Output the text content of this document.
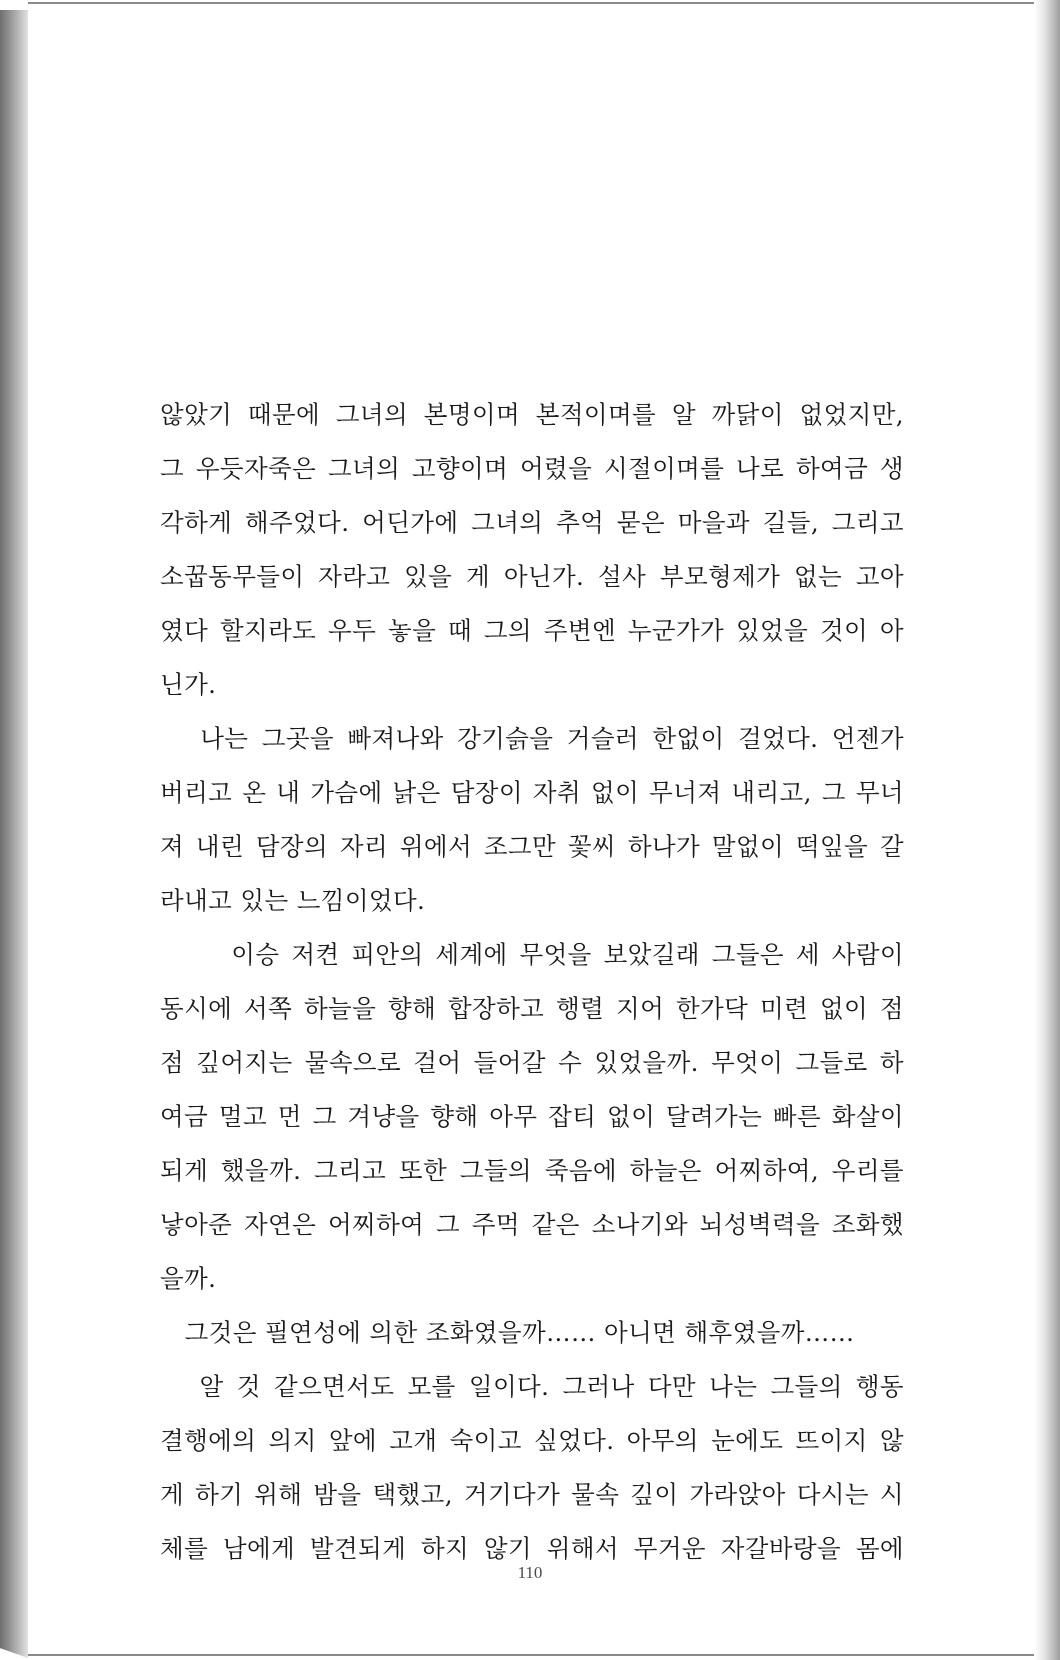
않았기 때문에 그녀의 본명이며 본적이며를 알 까닭이 없었지만,
그 우듯자죽은 그녀의 고향이며 어렸을 시절이며를 나로 하여금 생
각하게 해주었다. 어딘가에 그녀의 추억 묻은 마을과 길들, 그리고
소꿉동무들이 자라고 있을 게 아닌가. 설사 부모형제가 없는 고아
였다 할지라도 우두 놓을 때 그의 주변엔 누군가가 있었을 것이 아
닌가.
나는 그곳을 빠져나와 강기슭을 거슬러 한없이 걸었다. 언젠가
버리고 온 내 가슴에 낡은 담장이 자취 없이 무너져 내리고, 그 무너
져 내린 담장의 자리 위에서 조그만 꽃씨 하나가 말없이 떡잎을 갈
라내고 있는 느낌이었다.
이승 저켠 피안의 세계에 무엇을 보았길래 그들은 세 사람이
동시에 서쪽 하늘을 향해 합장하고 행렬 지어 한가닥 미련 없이 점
점 깊어지는 물속으로 걸어 들어갈 수 있었을까. 무엇이 그들로 하
여금 멀고 먼 그 겨냥을 향해 아무 잡티 없이 달려가는 빠른 화살이
되게 했을까. 그리고 또한 그들의 죽음에 하늘은 어찌하여, 우리를
낳아준 자연은 어찌하여 그 주먹 같은 소나기와 뇌성벽력을 조화했
을까.
그것은 필연성에 의한 조화였을까…… 아니면 해후였을까……
알 것 같으면서도 모를 일이다. 그러나 다만 나는 그들의 행동
결행에의 의지 앞에 고개 숙이고 싶었다. 아무의 눈에도 뜨이지 않
게 하기 위해 밤을 택했고, 거기다가 물속 깊이 가라앉아 다시는 시
체를 남에게 발견되게 하지 않기 위해서 무거운 자갈바랑을 몸에
110
